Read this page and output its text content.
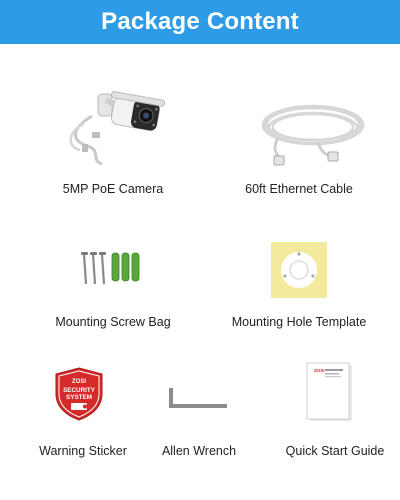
Package Content
5MP PoE Camera	60ft Ethernet Cable
Mounting Screw Bag	Mounting Hole Template
ZOSI
SECURITY
SYSTEM
Warning Sticker	Allen Wrench
ZOSI
Quick Start Guide
